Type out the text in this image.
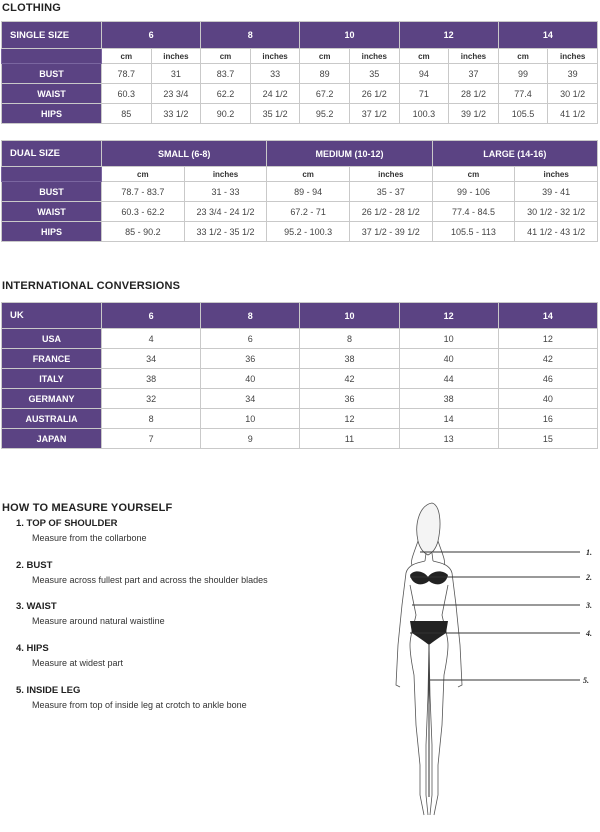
CLOTHING
SINGLE SIZE	6		8		10		12		14	
	cm	inches	cm	inches	cm	inches	cm	inches	cm	inches
BUST	78.7	31	83.7	33	89	35	94	37	99	39
WAIST	60.3	23 3/4	62.2	24 1/2	67.2	26 1/2	71	28 1/2	77.4	30 1/2
HIPS	85	33 1/2	90.2	35 1/2	95.2	37 1/2	100.3	39 1/2	105.5	41 1/2
DUAL SIZE	SMALL (6-8)		MEDIUM (10-12)		LARGE (14-16)	
	cm	inches	cm	inches	cm	inches
BUST	78.7 - 83.7	31 - 33	89 - 94	35 - 37	99 - 106	39 - 41
WAIST	60.3 - 62.2	23 3/4 - 24 1/2	67.2 - 71	26 1/2 - 28 1/2	77.4 - 84.5	30 1/2 - 32 1/2
HIPS	85 - 90.2	33 1/2 - 35 1/2	95.2 - 100.3	37 1/2 - 39 1/2	105.5 - 113	41 1/2 - 43 1/2
INTERNATIONAL CONVERSIONS
UK	6	8	10	12	14
USA	4	6	8	10	12
FRANCE	34	36	38	40	42
ITALY	38	40	42	44	46
GERMANY	32	34	36	38	40
AUSTRALIA	8	10	12	14	16
JAPAN	7	9	11	13	15
HOW TO MEASURE YOURSELF
1. TOP OF SHOULDER
Measure from the collarbone
2. BUST
Measure across fullest part and across the shoulder blades
3. WAIST
Measure around natural waistline
4. HIPS
Measure at widest part
5. INSIDE LEG
Measure from top of inside leg at crotch to ankle bone
1.
2.
3.
4.
5.
